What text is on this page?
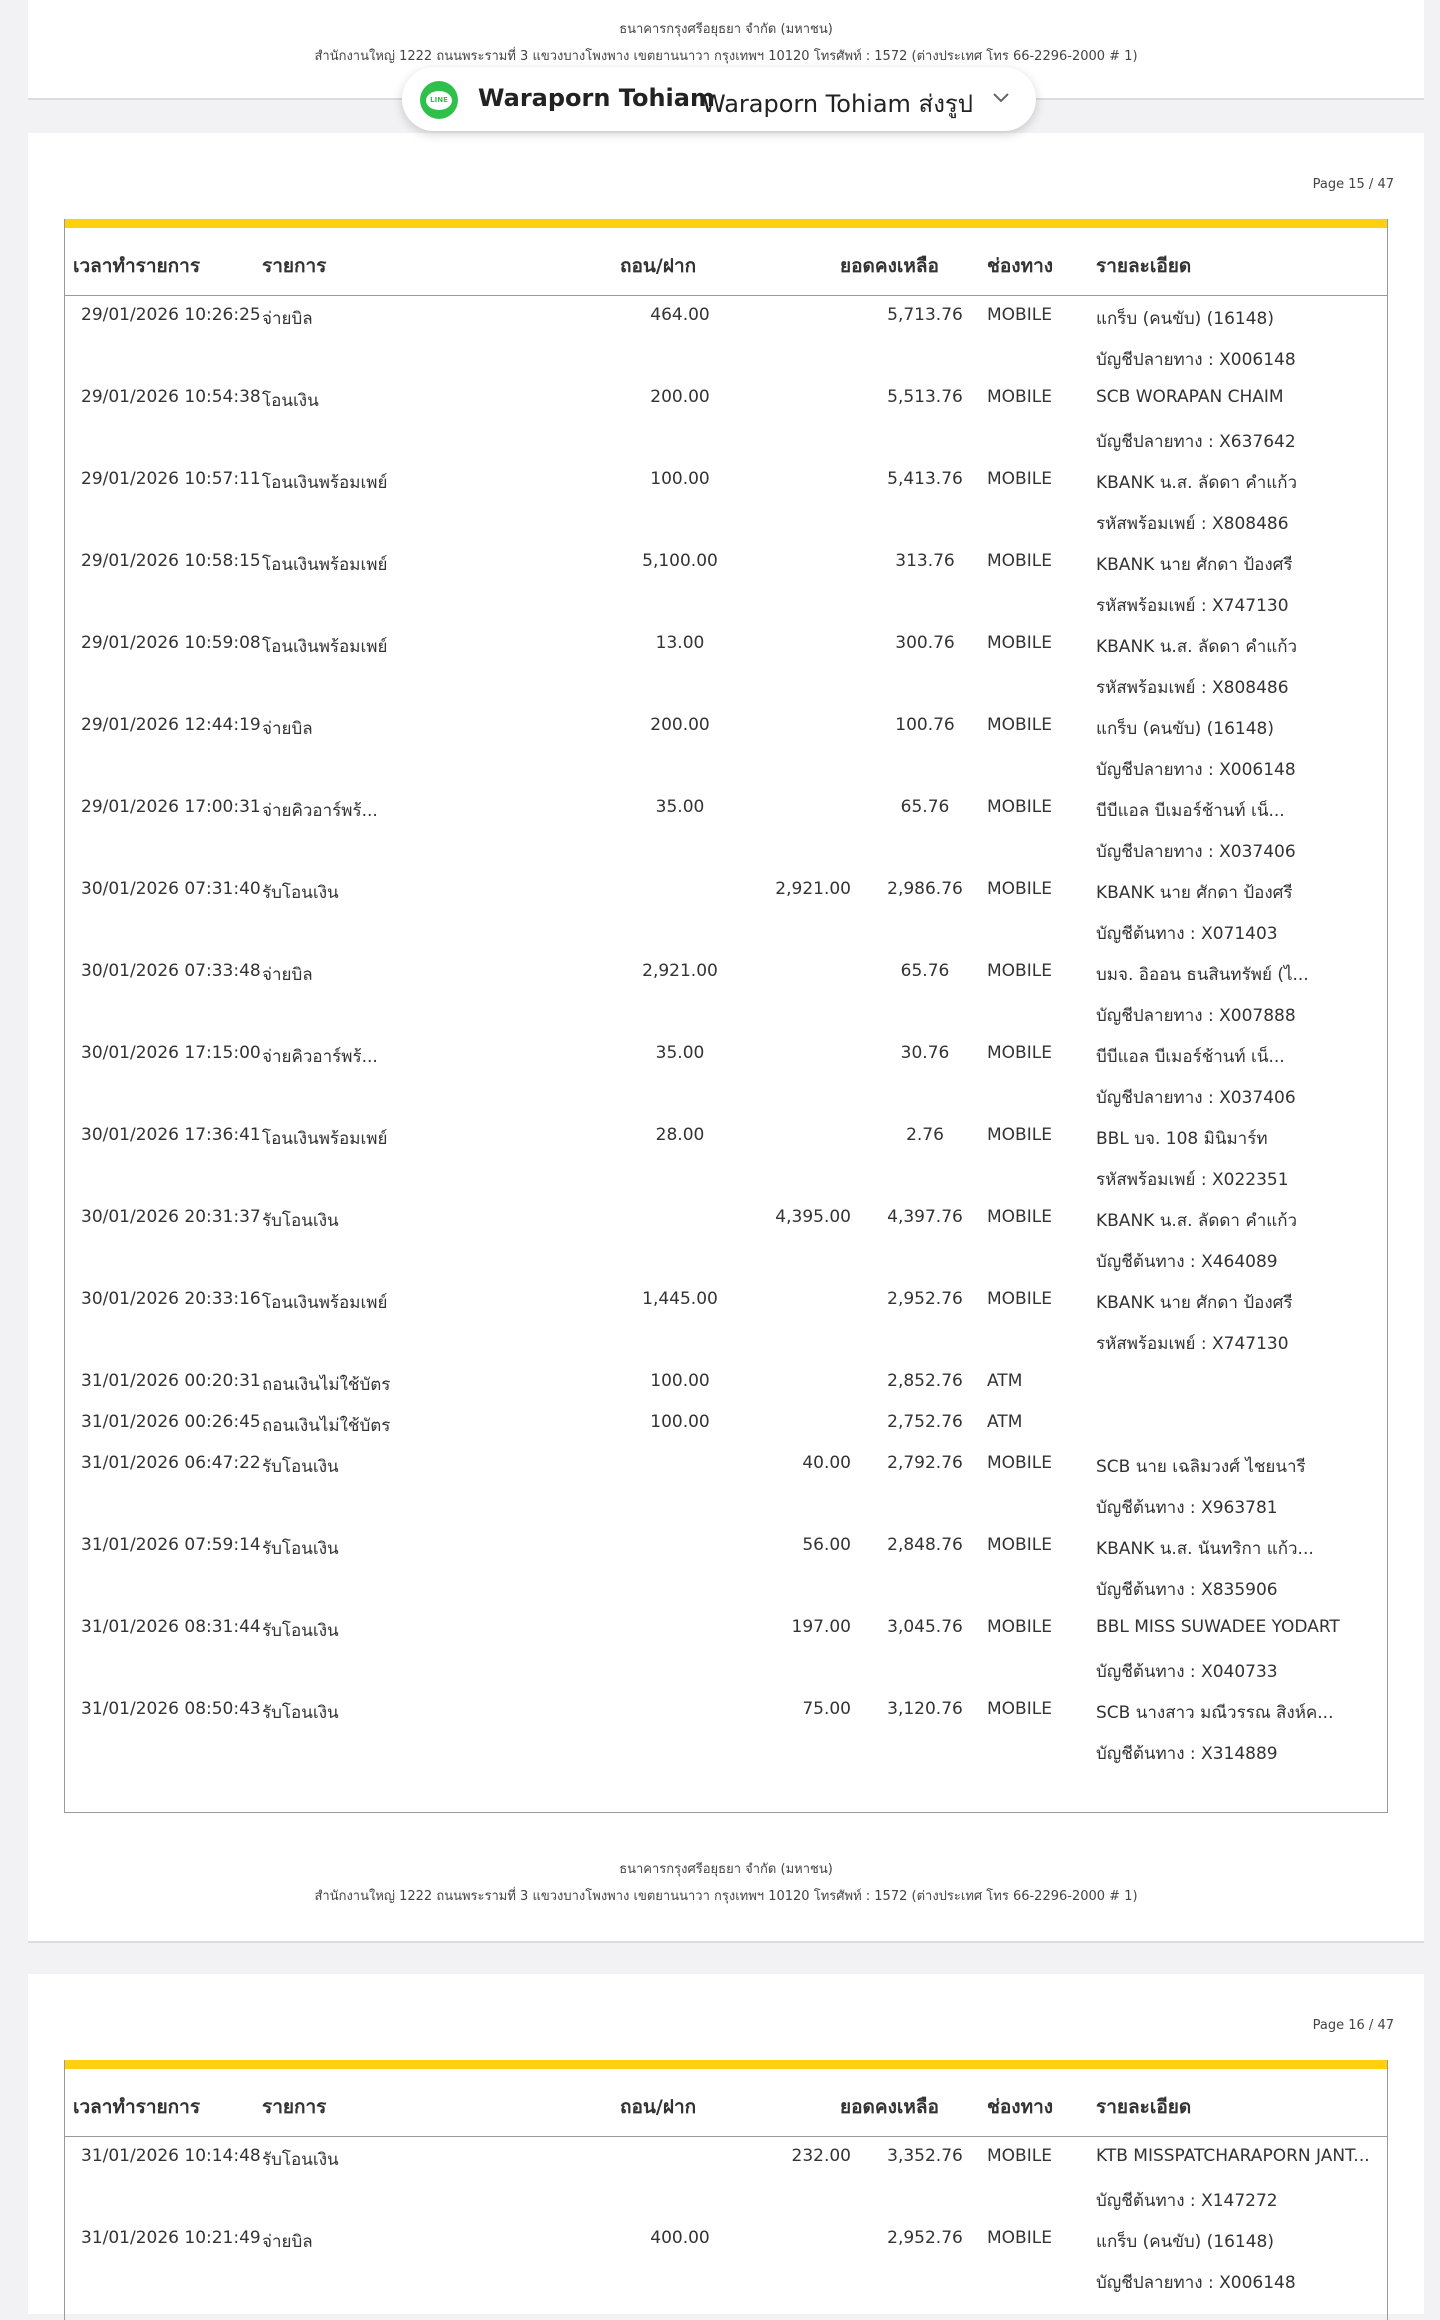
ธนาคารกรุงศรีอยุธยา จำกัด (มหาชน)
สำนักงานใหญ่ 1222 ถนนพระรามที่ 3 แขวงบางโพงพาง เขตยานนาวา กรุงเทพฯ 10120 โทรศัพท์ : 1572 (ต่างประเทศ โทร 66-2296-2000 # 1)
Page 15 / 47
เวลาทำรายการ	รายการ	ถอน/ฝาก	ยอดคงเหลือ	ช่องทาง รายละเอียด
29/01/2026 10:26:25 จ่ายบิล	464.00	5,713.76	MOBILE	แกร็บ (คนขับ) (16148)
บัญชีปลายทาง : X006148
29/01/2026 10:54:38 โอนเงิน	200.00	5,513.76	MOBILE	SCB WORAPAN CHAIM
บัญชีปลายทาง : X637642
29/01/2026 10:57:11 โอนเงินพร้อมเพย์	100.00	5,413.76	MOBILE	KBANK น.ส. ลัดดา คำแก้ว
รหัสพร้อมเพย์ : X808486
29/01/2026 10:58:15 โอนเงินพร้อมเพย์	5,100.00	313.76	MOBILE	KBANK นาย ศักดา ป้องศรี
รหัสพร้อมเพย์ : X747130
29/01/2026 10:59:08 โอนเงินพร้อมเพย์	13.00	300.76	MOBILE	KBANK น.ส. ลัดดา คำแก้ว
รหัสพร้อมเพย์ : X808486
29/01/2026 12:44:19 จ่ายบิล	200.00	100.76	MOBILE	แกร็บ (คนขับ) (16148)
บัญชีปลายทาง : X006148
29/01/2026 17:00:31 จ่ายคิวอาร์พร้...	35.00	65.76	MOBILE	บีบีแอล บีเมอร์ช้านท์ เน็...
บัญชีปลายทาง : X037406
30/01/2026 07:31:40 รับโอนเงิน	2,921.00	2,986.76	MOBILE	KBANK นาย ศักดา ป้องศรี
บัญชีต้นทาง : X071403
30/01/2026 07:33:48 จ่ายบิล	2,921.00	65.76	MOBILE	บมจ. อิออน ธนสินทรัพย์ (ไ...
บัญชีปลายทาง : X007888
30/01/2026 17:15:00 จ่ายคิวอาร์พร้...	35.00	30.76	MOBILE	บีบีแอล บีเมอร์ช้านท์ เน็...
บัญชีปลายทาง : X037406
30/01/2026 17:36:41 โอนเงินพร้อมเพย์	28.00	2.76	MOBILE	BBL บจ. 108 มินิมาร์ท
รหัสพร้อมเพย์ : X022351
30/01/2026 20:31:37 รับโอนเงิน	4,395.00	4,397.76	MOBILE	KBANK น.ส. ลัดดา คำแก้ว
บัญชีต้นทาง : X464089
30/01/2026 20:33:16 โอนเงินพร้อมเพย์	1,445.00	2,952.76	MOBILE	KBANK นาย ศักดา ป้องศรี
รหัสพร้อมเพย์ : X747130
31/01/2026 00:20:31 ถอนเงินไม่ใช้บัตร	100.00	2,852.76	ATM
31/01/2026 00:26:45 ถอนเงินไม่ใช้บัตร	100.00	2,752.76	ATM
31/01/2026 06:47:22 รับโอนเงิน	40.00	2,792.76	MOBILE	SCB นาย เฉลิมวงศ์ ไชยนารี
บัญชีต้นทาง : X963781
31/01/2026 07:59:14 รับโอนเงิน	56.00	2,848.76	MOBILE	KBANK น.ส. นันทริกา แก้ว...
บัญชีต้นทาง : X835906
31/01/2026 08:31:44 รับโอนเงิน	197.00	3,045.76	MOBILE	BBL MISS SUWADEE YODART
บัญชีต้นทาง : X040733
31/01/2026 08:50:43 รับโอนเงิน	75.00	3,120.76	MOBILE	SCB นางสาว มณีวรรณ สิงห์ค...
บัญชีต้นทาง : X314889
ธนาคารกรุงศรีอยุธยา จำกัด (มหาชน)
สำนักงานใหญ่ 1222 ถนนพระรามที่ 3 แขวงบางโพงพาง เขตยานนาวา กรุงเทพฯ 10120 โทรศัพท์ : 1572 (ต่างประเทศ โทร 66-2296-2000 # 1)
Page 16 / 47
เวลาทำรายการ	รายการ	ถอน/ฝาก	ยอดคงเหลือ	ช่องทาง รายละเอียด
31/01/2026 10:14:48 รับโอนเงิน	232.00	3,352.76	MOBILE	KTB MISSPATCHARAPORN JANT...
บัญชีต้นทาง : X147272
31/01/2026 10:21:49 จ่ายบิล	400.00	2,952.76	MOBILE	แกร็บ (คนขับ) (16148)
บัญชีปลายทาง : X006148
LINE Waraporn Tohiam
Waraporn Tohiam ส่งรูป
